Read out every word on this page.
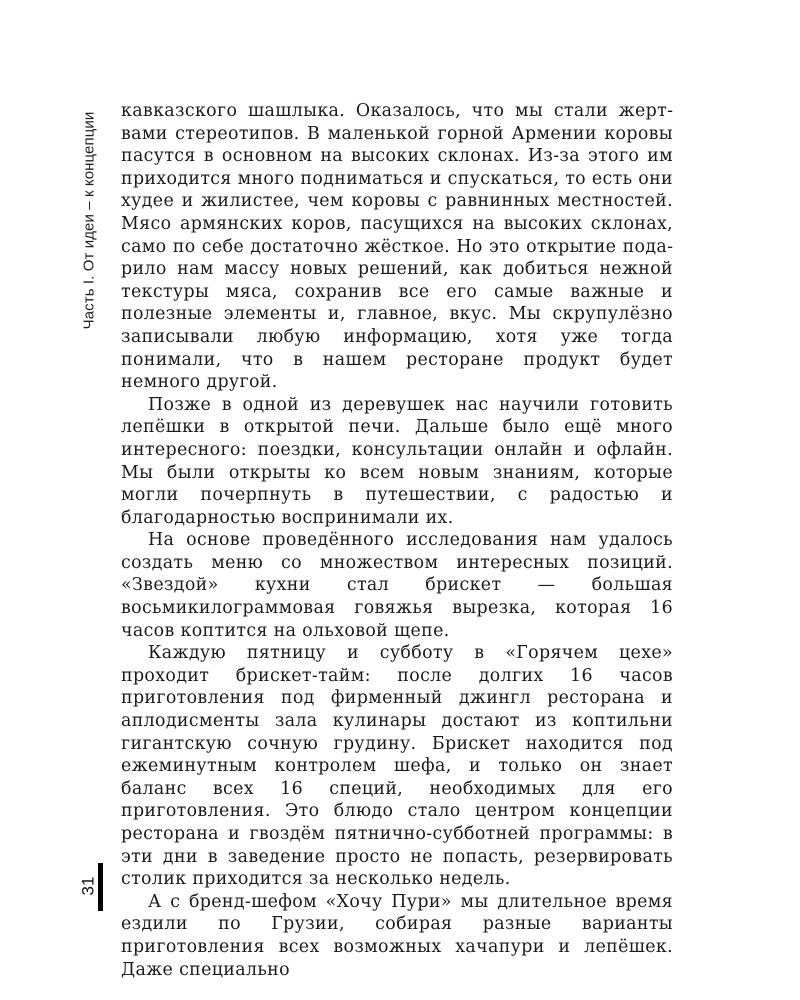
Часть I. От идеи – к концепции
31

кавказского шашлыка. Оказалось, что мы стали жертвами стереотипов. В маленькой горной Армении коровы пасутся в основном на высоких склонах. Из-за этого им приходится много подниматься и спускаться, то есть они худее и жилистее, чем коровы с равнинных местностей. Мясо армянских коров, пасущихся на высоких склонах, само по себе достаточно жёсткое. Но это открытие подарило нам массу новых решений, как добиться нежной текстуры мяса, сохранив все его самые важные и полезные элементы и, главное, вкус. Мы скрупулёзно записывали любую информацию, хотя уже тогда понимали, что в нашем ресторане продукт будет немного другой.

Позже в одной из деревушек нас научили готовить лепёшки в открытой печи. Дальше было ещё много интересного: поездки, консультации онлайн и офлайн. Мы были открыты ко всем новым знаниям, которые могли почерпнуть в путешествии, с радостью и благодарностью воспринимали их.

На основе проведённого исследования нам удалось создать меню со множеством интересных позиций. «Звездой» кухни стал брискет — большая восьмикилограммовая говяжья вырезка, которая 16 часов коптится на ольховой щепе.

Каждую пятницу и субботу в «Горячем цехе» проходит брискет-тайм: после долгих 16 часов приготовления под фирменный джингл ресторана и аплодисменты зала кулинары достают из коптильни гигантскую сочную грудину. Брискет находится под ежеминутным контролем шефа, и только он знает баланс всех 16 специй, необходимых для его приготовления. Это блюдо стало центром концепции ресторана и гвоздём пятнично-субботней программы: в эти дни в заведение просто не попасть, резервировать столик приходится за несколько недель.

А с бренд-шефом «Хочу Пури» мы длительное время ездили по Грузии, собирая разные варианты приготовления всех возможных хачапури и лепёшек. Даже специально
